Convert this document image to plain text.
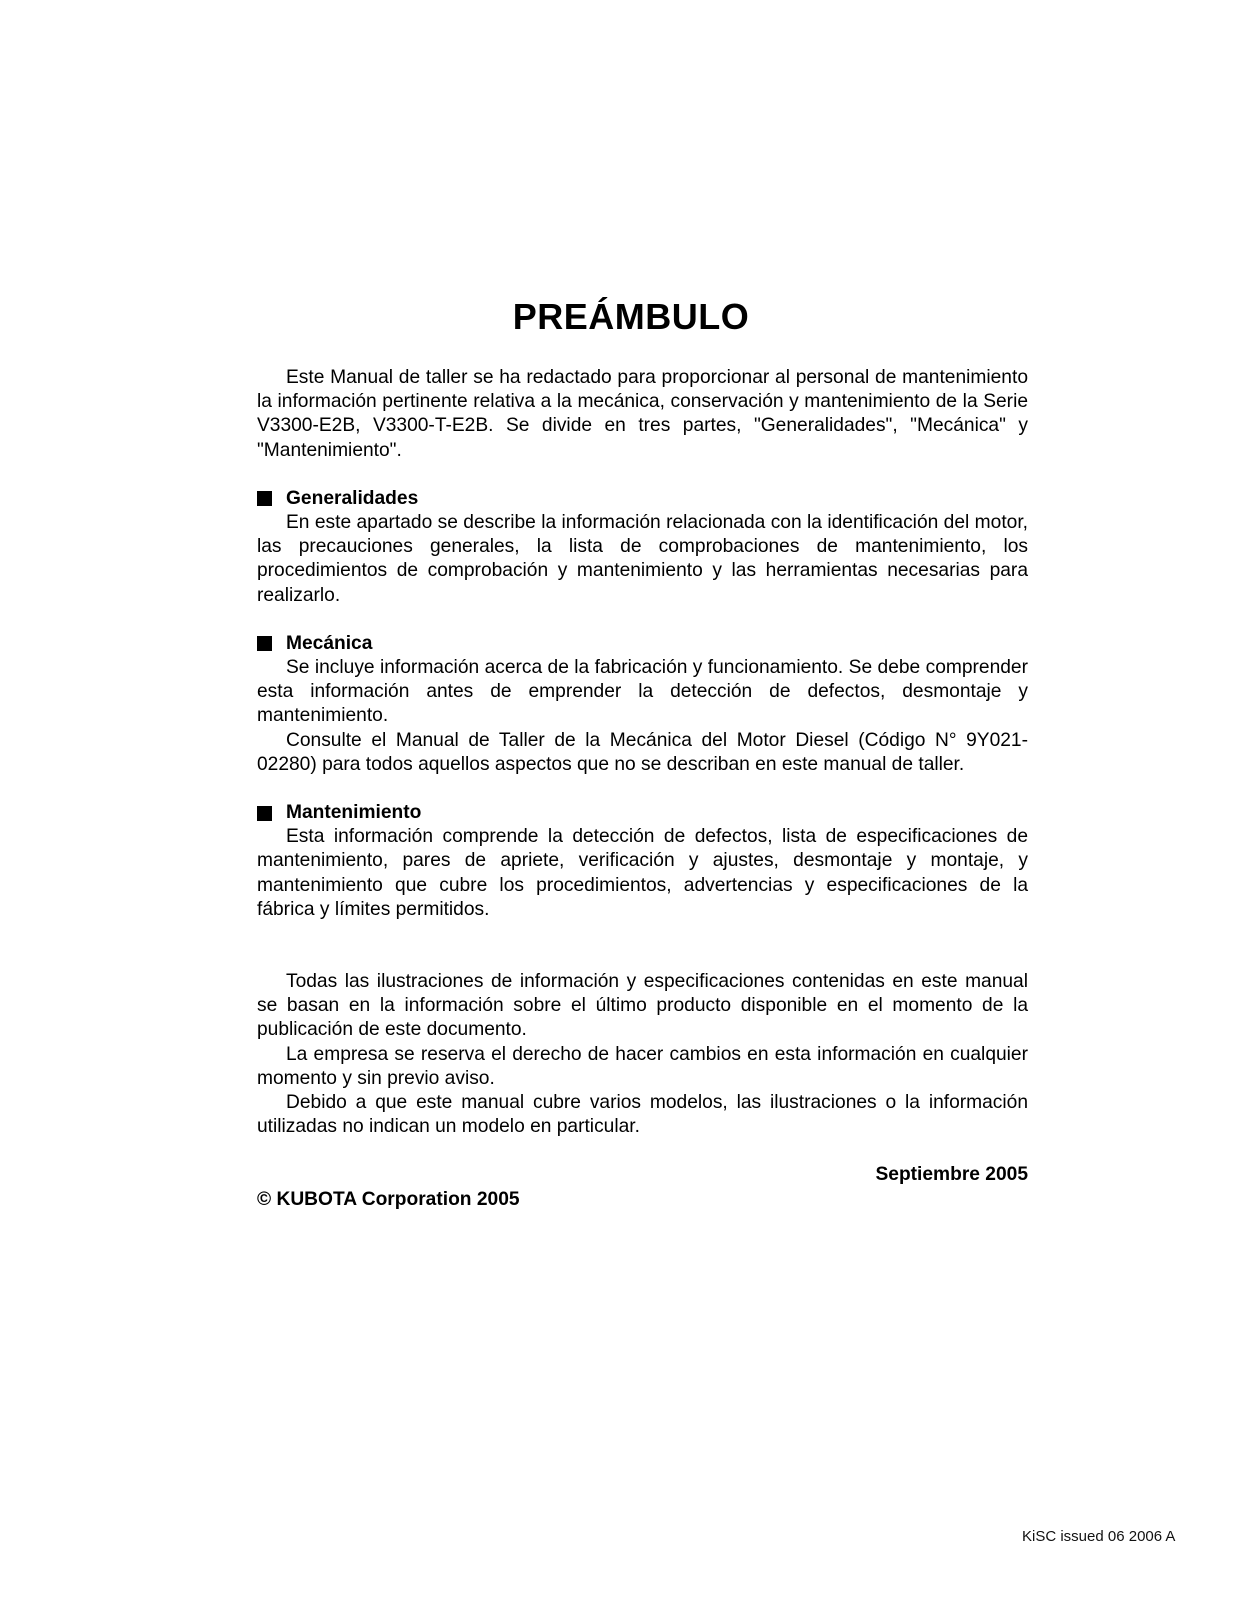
PREÁMBULO

Este Manual de taller se ha redactado para proporcionar al personal de mantenimiento la información pertinente relativa a la mecánica, conservación y mantenimiento de la Serie V3300-E2B, V3300-T-E2B. Se divide en tres partes, "Generalidades", "Mecánica" y "Mantenimiento".

Generalidades

En este apartado se describe la información relacionada con la identificación del motor, las precauciones generales, la lista de comprobaciones de mantenimiento, los procedimientos de comprobación y mantenimiento y las herramientas necesarias para realizarlo.

Mecánica

Se incluye información acerca de la fabricación y funcionamiento. Se debe comprender esta información antes de emprender la detección de defectos, desmontaje y mantenimiento.

Consulte el Manual de Taller de la Mecánica del Motor Diesel (Código N° 9Y021-02280) para todos aquellos aspectos que no se describan en este manual de taller.

Mantenimiento

Esta información comprende la detección de defectos, lista de especificaciones de mantenimiento, pares de apriete, verificación y ajustes, desmontaje y montaje, y mantenimiento que cubre los procedimientos, advertencias y especificaciones de la fábrica y límites permitidos.

Todas las ilustraciones de información y especificaciones contenidas en este manual se basan en la información sobre el último producto disponible en el momento de la publicación de este documento.

La empresa se reserva el derecho de hacer cambios en esta información en cualquier momento y sin previo aviso.

Debido a que este manual cubre varios modelos, las ilustraciones o la información utilizadas no indican un modelo en particular.

Septiembre 2005

© KUBOTA Corporation 2005

KiSC issued 06 2006 A
